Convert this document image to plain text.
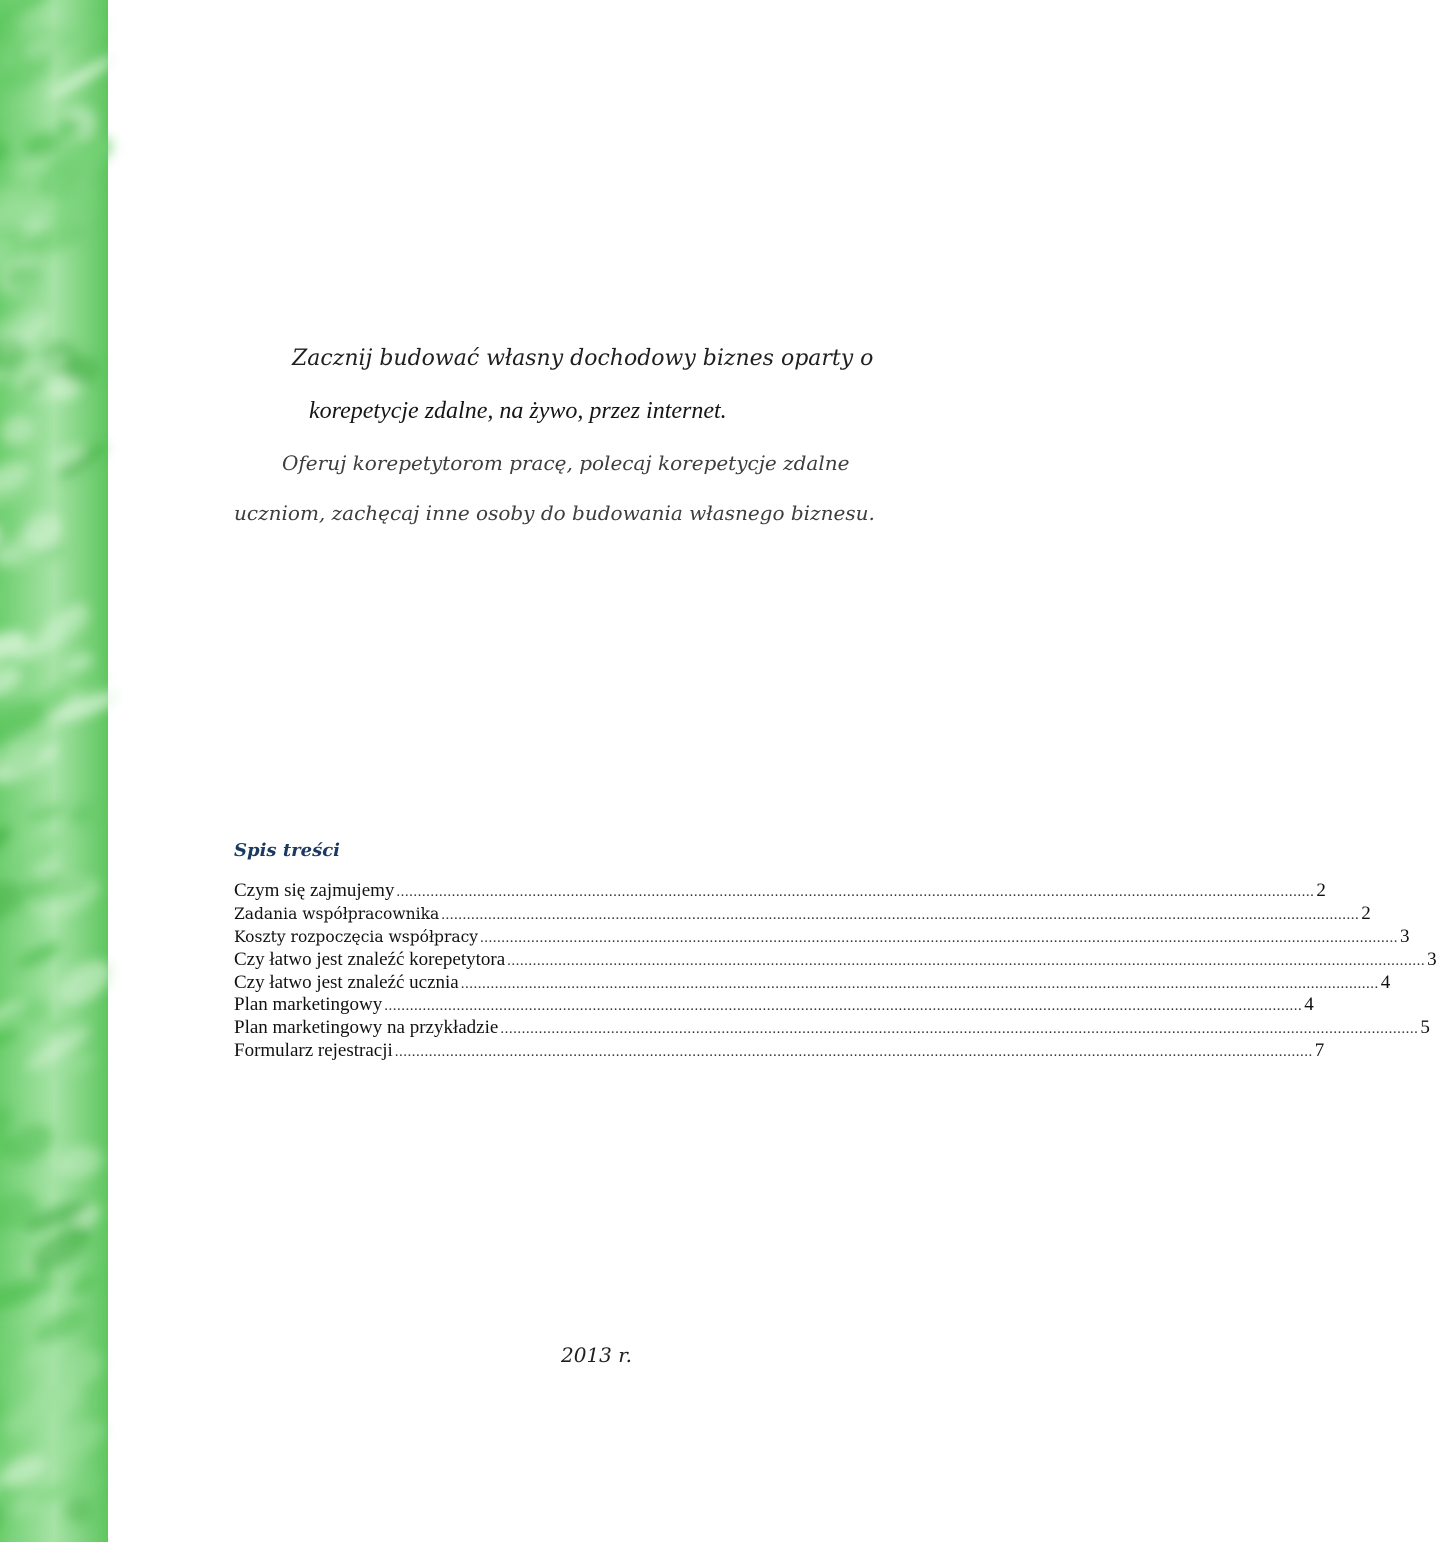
Zacznij budować własny dochodowy biznes oparty o
korepetycje zdalne, na żywo, przez internet.
Oferuj korepetytorom pracę, polecaj korepetycje zdalne
uczniom, zachęcaj inne osoby do budowania własnego biznesu.
Spis treści
Czym się zajmujemy .....	2
Zadania współpracownika .....	2
Koszty rozpoczęcia współpracy .....	3
Czy łatwo jest znaleźć korepetytora .....	3
Czy łatwo jest znaleźć ucznia .....	4
Plan marketingowy .....	4
Plan marketingowy na przykładzie .....	5
Formularz rejestracji .....	7
2013 r.
